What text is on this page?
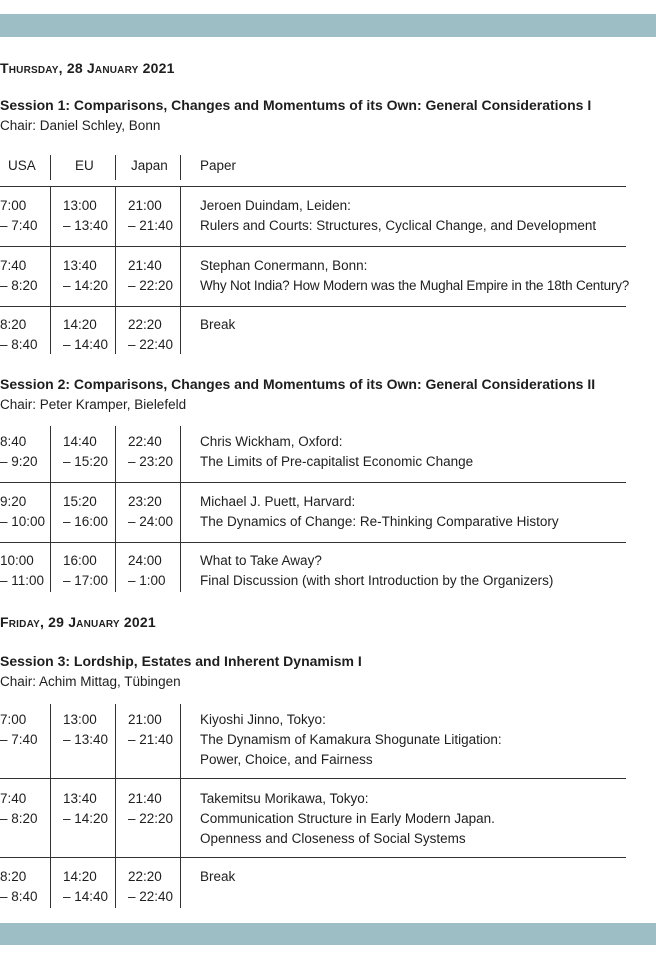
Thursday, 28 January 2021
Session 1: Comparisons, Changes and Momentums of its Own: General Considerations I
Chair: Daniel Schley, Bonn
USA	EU	Japan Paper
7:00
– 7:40
13:00
– 13:40
21:00
– 21:40
Jeroen Duindam, Leiden:
Rulers and Courts: Structures, Cyclical Change, and Development
7:40
– 8:20
13:40
– 14:20
21:40
– 22:20
Stephan Conermann, Bonn:
Why Not India? How Modern was the Mughal Empire in the 18th Century?
8:20
– 8:40
14:20
– 14:40
22:20
– 22:40
Break
Session 2: Comparisons, Changes and Momentums of its Own: General Considerations II
Chair: Peter Kramper, Bielefeld
8:40
– 9:20
14:40
– 15:20
22:40
– 23:20
Chris Wickham, Oxford:
The Limits of Pre-capitalist Economic Change
9:20
– 10:00
15:20
– 16:00
23:20
– 24:00
Michael J. Puett, Harvard:
The Dynamics of Change: Re-Thinking Comparative History
10:00
– 11:00
16:00
– 17:00
24:00
– 1:00
What to Take Away?
Final Discussion (with short Introduction by the Organizers)
Friday, 29 January 2021
Session 3: Lordship, Estates and Inherent Dynamism I
Chair: Achim Mittag, Tübingen
7:00
– 7:40
13:00
– 13:40
21:00
– 21:40
Kiyoshi Jinno, Tokyo:
The Dynamism of Kamakura Shogunate Litigation:
Power, Choice, and Fairness
7:40
– 8:20
13:40
– 14:20
21:40
– 22:20
Takemitsu Morikawa, Tokyo:
Communication Structure in Early Modern Japan.
Openness and Closeness of Social Systems
8:20
– 8:40
14:20
– 14:40
22:20
– 22:40
Break
